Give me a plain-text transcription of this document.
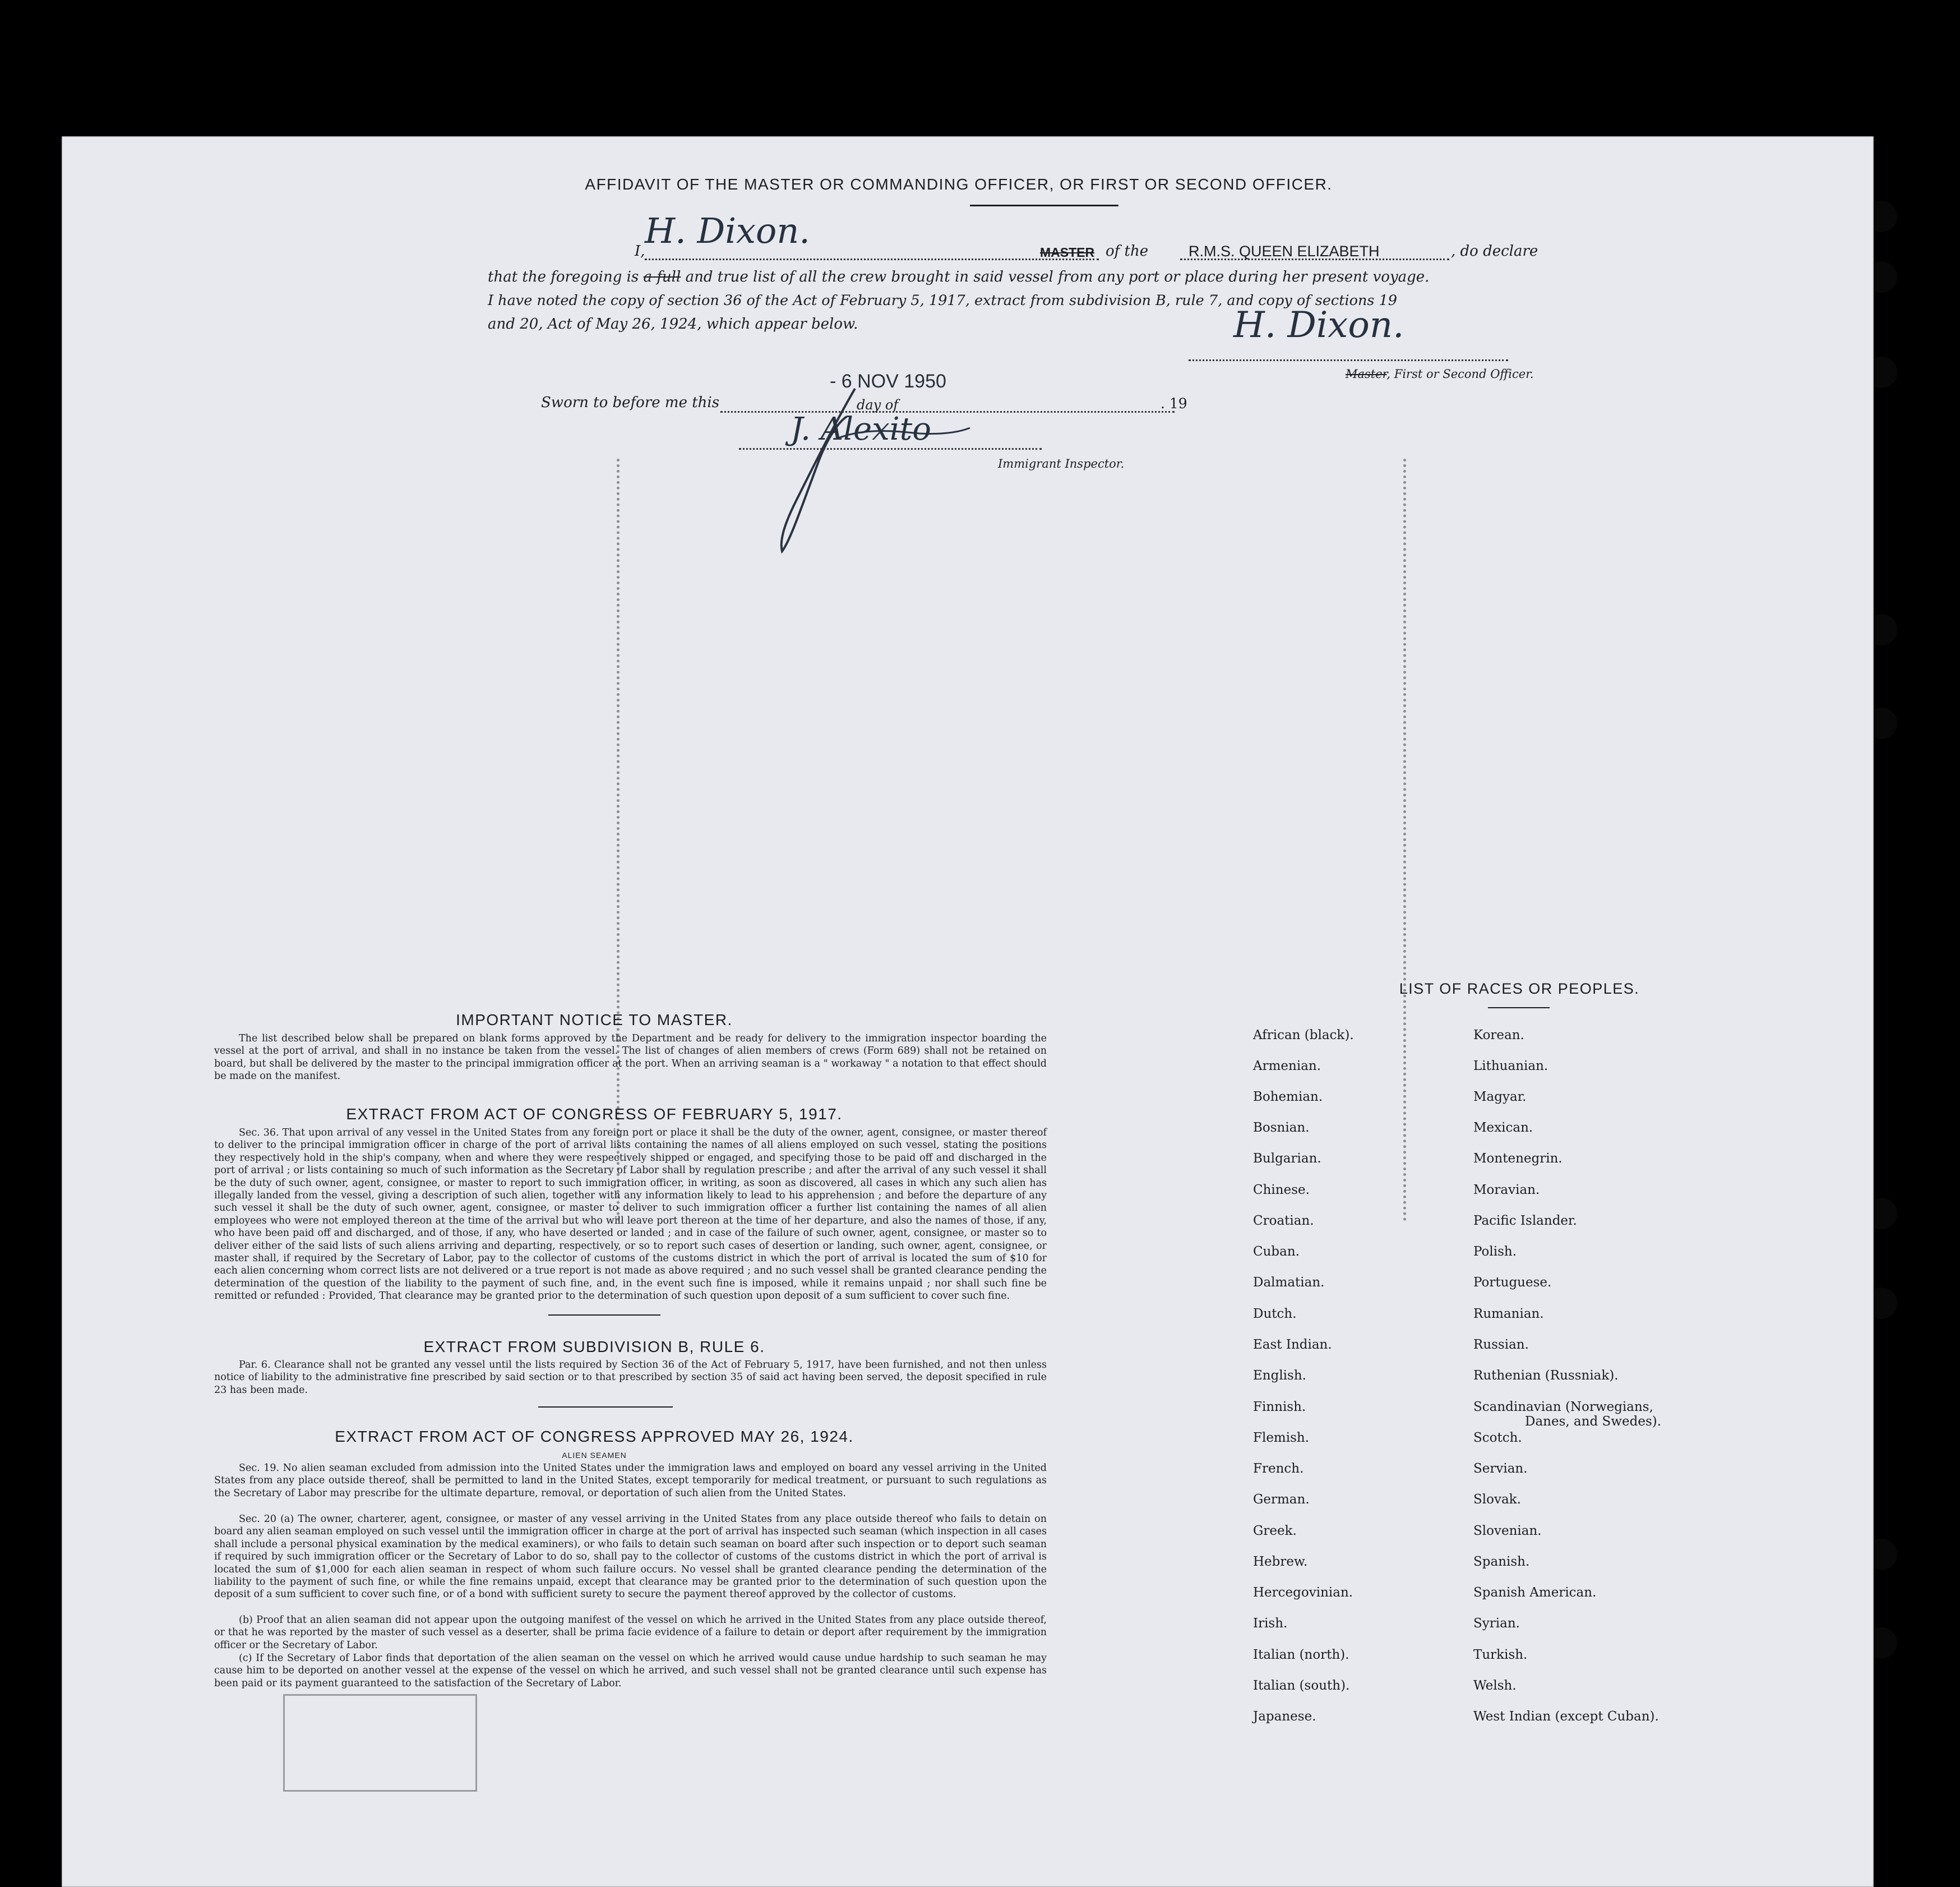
AFFIDAVIT OF THE MASTER OR COMMANDING OFFICER, OR FIRST OR SECOND OFFICER.
I, H. Dixon.
MASTER of the	R.M.S. QUEEN ELIZABETH	, do declare
that the foregoing is a full and true list of all the crew brought in said vessel from any port or place during her present voyage.
I have noted the copy of section 36 of the Act of February 5, 1917, extract from subdivision B, rule 7, and copy of sections 19
and 20, Act of May 26, 1924, which appear below.	H. Dixon.
Master, First or Second Officer.
- 6 NOV 1950
Sworn to before me this	day of	. 19
J. Alexito
Immigrant Inspector.
IMPORTANT NOTICE TO MASTER.
The list described below shall be prepared on blank forms approved by the Department and be ready for delivery to the immigration inspector boarding the vessel at the port of arrival, and shall in no instance be taken from the vessel. The list of changes of alien members of crews (Form 689) shall not be retained on board, but shall be delivered by the master to the principal immigration officer at the port. When an arriving seaman is a " workaway " a notation to that effect should be made on the manifest.
EXTRACT FROM ACT OF CONGRESS OF FEBRUARY 5, 1917.
Sec. 36. That upon arrival of any vessel in the United States from any foreign port or place it shall be the duty of the owner, agent, consignee, or master thereof to deliver to the principal immigration officer in charge of the port of arrival lists containing the names of all aliens employed on such vessel, stating the positions they respectively hold in the ship's company, when and where they were respectively shipped or engaged, and specifying those to be paid off and discharged in the port of arrival ; or lists containing so much of such information as the Secretary of Labor shall by regulation prescribe ; and after the arrival of any such vessel it shall be the duty of such owner, agent, consignee, or master to report to such immigration officer, in writing, as soon as discovered, all cases in which any such alien has illegally landed from the vessel, giving a description of such alien, together with any information likely to lead to his apprehension ; and before the departure of any such vessel it shall be the duty of such owner, agent, consignee, or master to deliver to such immigration officer a further list containing the names of all alien employees who were not employed thereon at the time of the arrival but who will leave port thereon at the time of her departure, and also the names of those, if any, who have been paid off and discharged, and of those, if any, who have deserted or landed ; and in case of the failure of such owner, agent, consignee, or master so to deliver either of the said lists of such aliens arriving and departing, respectively, or so to report such cases of desertion or landing, such owner, agent, consignee, or master shall, if required by the Secretary of Labor, pay to the collector of customs of the customs district in which the port of arrival is located the sum of $10 for each alien concerning whom correct lists are not delivered or a true report is not made as above required ; and no such vessel shall be granted clearance pending the determination of the question of the liability to the payment of such fine, and, in the event such fine is imposed, while it remains unpaid ; nor shall such fine be remitted or refunded : Provided, That clearance may be granted prior to the determination of such question upon deposit of a sum sufficient to cover such fine.
EXTRACT FROM SUBDIVISION B, RULE 6.
Par. 6. Clearance shall not be granted any vessel until the lists required by Section 36 of the Act of February 5, 1917, have been furnished, and not then unless notice of liability to the administrative fine prescribed by said section or to that prescribed by section 35 of said act having been served, the deposit specified in rule 23 has been made.
EXTRACT FROM ACT OF CONGRESS APPROVED MAY 26, 1924.
ALIEN SEAMEN
Sec. 19. No alien seaman excluded from admission into the United States under the immigration laws and employed on board any vessel arriving in the United States from any place outside thereof, shall be permitted to land in the United States, except temporarily for medical treatment, or pursuant to such regulations as the Secretary of Labor may prescribe for the ultimate departure, removal, or deportation of such alien from the United States.
Sec. 20 (a) The owner, charterer, agent, consignee, or master of any vessel arriving in the United States from any place outside thereof who fails to detain on board any alien seaman employed on such vessel until the immigration officer in charge at the port of arrival has inspected such seaman (which inspection in all cases shall include a personal physical examination by the medical examiners), or who fails to detain such seaman on board after such inspection or to deport such seaman if required by such immigration officer or the Secretary of Labor to do so, shall pay to the collector of customs of the customs district in which the port of arrival is located the sum of $1,000 for each alien seaman in respect of whom such failure occurs. No vessel shall be granted clearance pending the determination of the liability to the payment of such fine, or while the fine remains unpaid, except that clearance may be granted prior to the determination of such question upon the deposit of a sum sufficient to cover such fine, or of a bond with sufficient surety to secure the payment thereof approved by the collector of customs.
(b) Proof that an alien seaman did not appear upon the outgoing manifest of the vessel on which he arrived in the United States from any place outside thereof, or that he was reported by the master of such vessel as a deserter, shall be prima facie evidence of a failure to detain or deport after requirement by the immigration officer or the Secretary of Labor.
(c) If the Secretary of Labor finds that deportation of the alien seaman on the vessel on which he arrived would cause undue hardship to such seaman he may cause him to be deported on another vessel at the expense of the vessel on which he arrived, and such vessel shall not be granted clearance until such expense has been paid or its payment guaranteed to the satisfaction of the Secretary of Labor.
LIST OF RACES OR PEOPLES.
African (black).
Armenian.
Bohemian.
Bosnian.
Bulgarian.
Chinese.
Croatian.
Cuban.
Dalmatian.
Dutch.
East Indian.
English.
Finnish.
Flemish.
French.
German.
Greek.
Hebrew.
Hercegovinian.
Irish.
Italian (north).
Italian (south).
Japanese.
Korean.
Lithuanian.
Magyar.
Mexican.
Montenegrin.
Moravian.
Pacific Islander.
Polish.
Portuguese.
Rumanian.
Russian.
Ruthenian (Russniak).
Scandinavian (Norwegians,
Danes, and Swedes).
Scotch.
Servian.
Slovak.
Slovenian.
Spanish.
Spanish American.
Syrian.
Turkish.
Welsh.
West Indian (except Cuban).
